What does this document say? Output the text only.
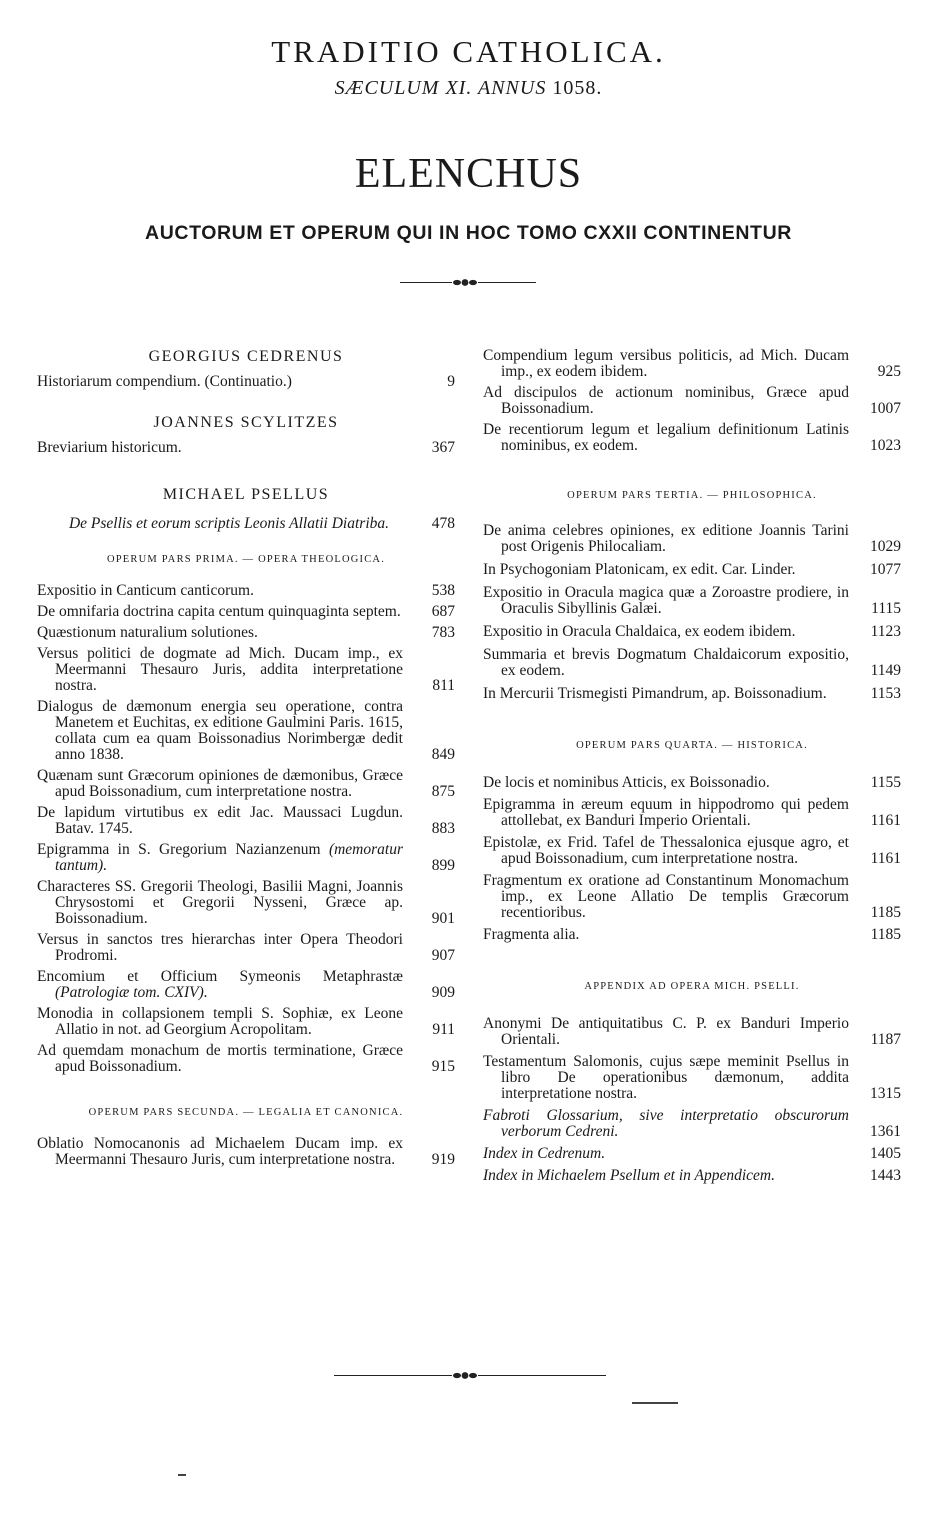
TRADITIO CATHOLICA.
SÆCULUM XI. ANNUS 1058.
ELENCHUS
AUCTORUM ET OPERUM QUI IN HOC TOMO CXXII CONTINENTUR
GEORGIUS CEDRENUS
Historiarum compendium. (Continuatio.)	9
JOANNES SCYLITZES
Breviarium historicum.	367
MICHAEL PSELLUS
De Psellis et eorum scriptis Leonis Allatii Diatriba.	478
OPERUM PARS PRIMA. — OPERA THEOLOGICA.
Expositio in Canticum canticorum.	538
De omnifaria doctrina capita centum quinquaginta septem.	687
Quæstionum naturalium solutiones.	783
Versus politici de dogmate ad Mich. Ducam imp., ex Meermanni Thesauro Juris, addita interpretatione nostra.	811
Dialogus de dæmonum energia seu operatione, contra Manetem et Euchitas, ex editione Gaulmini Paris. 1615, collata cum ea quam Boissonadius Norimbergæ dedit anno 1838.	849
Quænam sunt Græcorum opiniones de dæmonibus, Græce apud Boissonadium, cum interpretatione nostra.	875
De lapidum virtutibus ex edit Jac. Maussaci Lugdun. Batav. 1745.	883
Epigramma in S. Gregorium Nazianzenum (memoratur tantum).	899
Characteres SS. Gregorii Theologi, Basilii Magni, Joannis Chrysostomi et Gregorii Nysseni, Græce ap. Boissonadium.	901
Versus in sanctos tres hierarchas inter Opera Theodori Prodromi.	907
Encomium et Officium Symeonis Metaphrastæ (Patrologiæ tom. CXIV).	909
Monodia in collapsionem templi S. Sophiæ, ex Leone Allatio in not. ad Georgium Acropolitam.	911
Ad quemdam monachum de mortis terminatione, Græce apud Boissonadium.	915
OPERUM PARS SECUNDA. — LEGALIA ET CANONICA.
Oblatio Nomocanonis ad Michaelem Ducam imp. ex Meermanni Thesauro Juris, cum interpretatione nostra.	919
Compendium legum versibus politicis, ad Mich. Ducam imp., ex eodem ibidem.	925
Ad discipulos de actionum nominibus, Græce apud Boissonadium.	1007
De recentiorum legum et legalium definitionum Latinis nominibus, ex eodem.	1023
OPERUM PARS TERTIA. — PHILOSOPHICA.
De anima celebres opiniones, ex editione Joannis Tarini post Origenis Philocaliam.	1029
In Psychogoniam Platonicam, ex edit. Car. Linder.	1077
Expositio in Oracula magica quæ a Zoroastre prodiere, in Oraculis Sibyllinis Galæi.	1115
Expositio in Oracula Chaldaica, ex eodem ibidem.	1123
Summaria et brevis Dogmatum Chaldaicorum expositio, ex eodem.	1149
In Mercurii Trismegisti Pimandrum, ap. Boissonadium.	1153
OPERUM PARS QUARTA. — HISTORICA.
De locis et nominibus Atticis, ex Boissonadio.	1155
Epigramma in æreum equum in hippodromo qui pedem attollebat, ex Banduri Imperio Orientali.	1161
Epistolæ, ex Frid. Tafel de Thessalonica ejusque agro, et apud Boissonadium, cum interpretatione nostra.	1161
Fragmentum ex oratione ad Constantinum Monomachum imp., ex Leone Allatio De templis Græcorum recentioribus.	1185
Fragmenta alia.	1185
APPENDIX AD OPERA MICH. PSELLI.
Anonymi De antiquitatibus C. P. ex Banduri Imperio Orientali.	1187
Testamentum Salomonis, cujus sæpe meminit Psellus in libro De operationibus dæmonum, addita interpretatione nostra.	1315
Fabroti Glossarium, sive interpretatio obscurorum verborum Cedreni.	1361
Index in Cedrenum.	1405
Index in Michaelem Psellum et in Appendicem.	1443
